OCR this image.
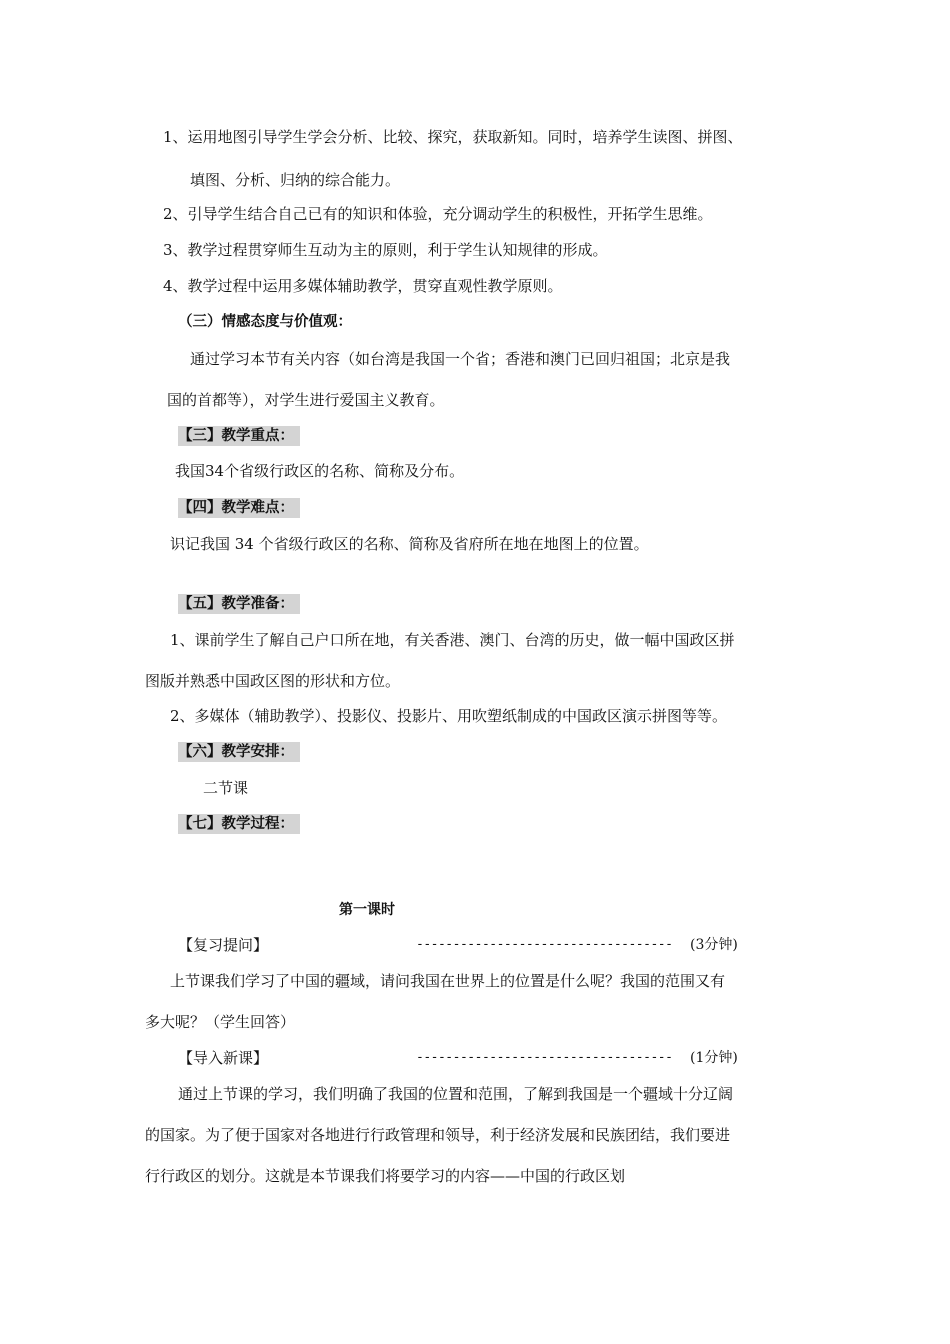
1、运用地图引导学生学会分析、比较、探究，获取新知。同时，培养学生读图、拼图、

填图、分析、归纳的综合能力。

2、引导学生结合自己已有的知识和体验，充分调动学生的积极性，开拓学生思维。

3、教学过程贯穿师生互动为主的原则，利于学生认知规律的形成。

4、教学过程中运用多媒体辅助教学，贯穿直观性教学原则。

（三）情感态度与价值观：

通过学习本节有关内容（如台湾是我国一个省；香港和澳门已回归祖国；北京是我

国的首都等），对学生进行爱国主义教育。

【三】教学重点：

我国34个省级行政区的名称、简称及分布。

【四】教学难点：

识记我国 34 个省级行政区的名称、简称及省府所在地在地图上的位置。

【五】教学准备：

1、课前学生了解自己户口所在地，有关香港、澳门、台湾的历史，做一幅中国政区拼

图版并熟悉中国政区图的形状和方位。

2、多媒体（辅助教学）、投影仪、投影片、用吹塑纸制成的中国政区演示拼图等等。

【六】教学安排：

二节课

【七】教学过程：

第一课时

【复习提问】	----------------------------------- (3分钟)

上节课我们学习了中国的疆域，请问我国在世界上的位置是什么呢？我国的范围又有

多大呢？（学生回答）

【导入新课】	----------------------------------- (1分钟)

通过上节课的学习，我们明确了我国的位置和范围，了解到我国是一个疆域十分辽阔

的国家。为了便于国家对各地进行行政管理和领导，利于经济发展和民族团结，我们要进

行行政区的划分。这就是本节课我们将要学习的内容——中国的行政区划
